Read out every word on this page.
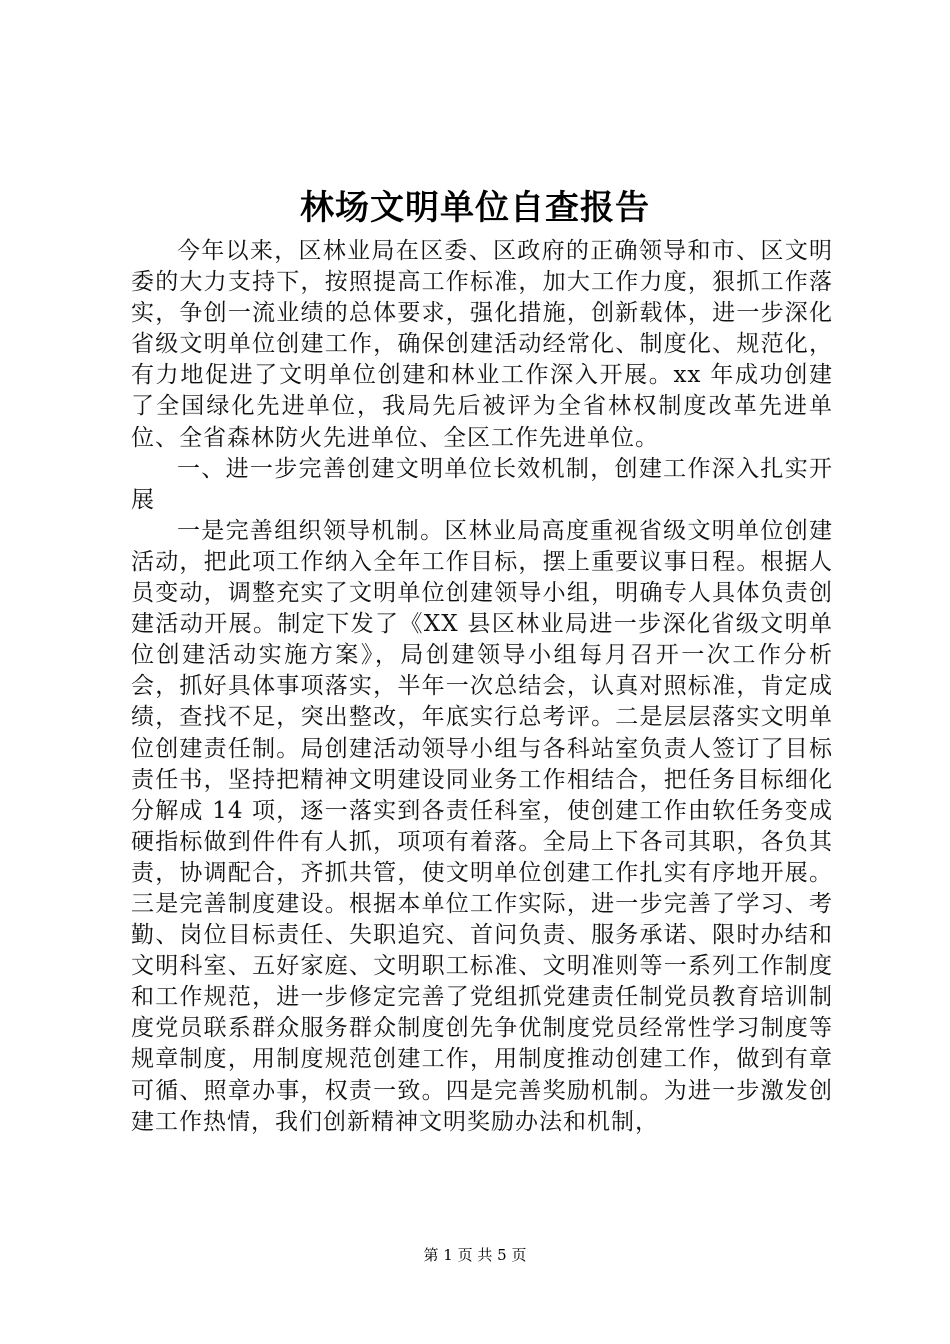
林场文明单位自查报告

今年以来，区林业局在区委、区政府的正确领导和市、区文明委的大力支持下，按照提高工作标准，加大工作力度，狠抓工作落实，争创一流业绩的总体要求，强化措施，创新载体，进一步深化省级文明单位创建工作，确保创建活动经常化、制度化、规范化，有力地促进了文明单位创建和林业工作深入开展。xx 年成功创建了全国绿化先进单位，我局先后被评为全省林权制度改革先进单位、全省森林防火先进单位、全区工作先进单位。

一、进一步完善创建文明单位长效机制，创建工作深入扎实开展

一是完善组织领导机制。区林业局高度重视省级文明单位创建活动，把此项工作纳入全年工作目标，摆上重要议事日程。根据人员变动，调整充实了文明单位创建领导小组，明确专人具体负责创建活动开展。制定下发了《XX 县区林业局进一步深化省级文明单位创建活动实施方案》，局创建领导小组每月召开一次工作分析会，抓好具体事项落实，半年一次总结会，认真对照标准，肯定成绩，查找不足，突出整改，年底实行总考评。二是层层落实文明单位创建责任制。局创建活动领导小组与各科站室负责人签订了目标责任书，坚持把精神文明建设同业务工作相结合，把任务目标细化分解成 14 项，逐一落实到各责任科室，使创建工作由软任务变成硬指标做到件件有人抓，项项有着落。全局上下各司其职，各负其责，协调配合，齐抓共管，使文明单位创建工作扎实有序地开展。三是完善制度建设。根据本单位工作实际，进一步完善了学习、考勤、岗位目标责任、失职追究、首问负责、服务承诺、限时办结和文明科室、五好家庭、文明职工标准、文明准则等一系列工作制度和工作规范，进一步修定完善了党组抓党建责任制党员教育培训制度党员联系群众服务群众制度创先争优制度党员经常性学习制度等规章制度，用制度规范创建工作，用制度推动创建工作，做到有章可循、照章办事，权责一致。四是完善奖励机制。为进一步激发创建工作热情，我们创新精神文明奖励办法和机制，

第 1 页 共 5 页
